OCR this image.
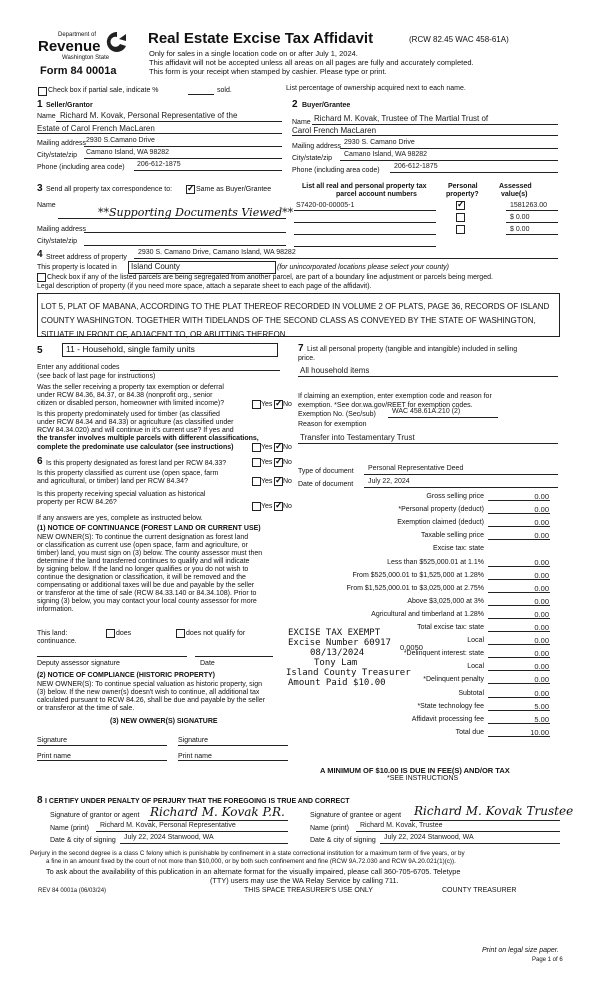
Department of
Revenue
Washington State
Form 84 0001a
Real Estate Excise Tax Affidavit	(RCW 82.45 WAC 458-61A)
Only for sales in a single location code on or after July 1, 2024.
This affidavit will not be accepted unless all areas on all pages are fully and accurately completed.
This form is your receipt when stamped by cashier. Please type or print.
Check box if partial sale, indicate %	sold.	List percentage of ownership acquired next to each name.
1 Seller/Grantor
Name Richard M. Kovak, Personal Representative of the
Estate of Carol French MacLaren
Mailing address 2930 S.Camano Drive
City/state/zip Camano Island, WA 98282
Phone (including area code) 206-612-1875
2 Buyer/Grantee
Name Richard M. Kovak, Trustee of The Martial Trust of
Carol French MacLaren
Mailing address
2930 S. Camano Drive
City/state/zip
Camano Island, WA 98282
Phone (including area code)
206-612-1875
3 Send all property tax correspondence to: ✓	Same as Buyer/Grantee
Name
**Supporting Documents Viewed**
Mailing address
City/state/zip
List all real and personal property tax
parcel account numbers
Personal
property?
Assessed
value(s)
S7420-00-00005-1 ✓	1581263.00
$ 0.00
$ 0.00
4 Street address of property
2930 S. Camano Drive, Camano Island, WA 98282
This property is located in	Island County	(for unincorporated locations please select your county)
Check box if any of the listed parcels are being segregated from another parcel, are part of a boundary line adjustment or parcels being merged.
Legal description of property (if you need more space, attach a separate sheet to each page of the affidavit).
LOT 5, PLAT OF MABANA, ACCORDING TO THE PLAT THEREOF RECORDED IN VOLUME 2 OF PLATS, PAGE 36, RECORDS OF ISLAND COUNTY WASHINGTON. TOGETHER WITH TIDELANDS OF THE SECOND CLASS AS CONVEYED BY THE STATE OF WASHINGTON, SITUATE IN FRONT OF, ADJACENT TO, OR ABUTTING THEREON.
5	11 - Household, single family units
Enter any additional codes
(see back of last page for instructions)
Was the seller receiving a property tax exemption or deferral
under RCW 84.36, 84.37, or 84.38 (nonprofit org., senior
citizen or disabled person, homeowner with limited income)?	Yes ✓ No
Is this property predominately used for timber (as classified
under RCW 84.34 and 84.33) or agriculture (as classified under
RCW 84.34.020) and will continue in it's current use? If yes and
the transfer involves multiple parcels with different classifications,
complete the predominate use calculator (see instructions)	Yes ✓ No
6 Is this property designated as forest land per RCW 84.33?	Yes ✓ No
Is this property classified as current use (open space, farm
and agricultural, or timber) land per RCW 84.34?	Yes ✓ No
Is this property receiving special valuation as historical
property per RCW 84.26?
Yes ✓ No
If any answers are yes, complete as instructed below.
(1) NOTICE OF CONTINUANCE (FOREST LAND OR CURRENT USE)
NEW OWNER(S): To continue the current designation as forest land
or classification as current use (open space, farm and agriculture, or
timber) land, you must sign on (3) below. The county assessor must then
determine if the land transferred continues to qualify and will indicate
by signing below. If the land no longer qualifies or you do not wish to
continue the designation or classification, it will be removed and the
compensating or additional taxes will be due and payable by the seller
or transferor at the time of sale (RCW 84.33.140 or 84.34.108). Prior to
signing (3) below, you may contact your local county assessor for more
information.
This land:	does	does not qualify for
continuance.
Deputy assessor signature	Date
(2) NOTICE OF COMPLIANCE (HISTORIC PROPERTY)
NEW OWNER(S): To continue special valuation as historic property, sign
(3) below. If the new owner(s) doesn't wish to continue, all additional tax
calculated pursuant to RCW 84.26, shall be due and payable by the seller
or transferor at the time of sale.
(3) NEW OWNER(S) SIGNATURE
Signature	Signature
Print name	Print name
7 List all personal property (tangible and intangible) included in selling
price.
All household items
If claiming an exemption, enter exemption code and reason for
exemption. *See dor.wa.gov/REET for exemption codes.
Exemption No. (Sec/sub) WAC 458.61A.210 (2)
Reason for exemption
Transfer into Testamentary Trust
Type of document Personal Representative Deed
Date of document July 22, 2024
Gross selling price	0.00
*Personal property (deduct)	0.00
Exemption claimed (deduct)	0.00
Taxable selling price	0.00
Excise tax: state
Less than $525,000.01 at 1.1%	0.00
From $525,000.01 to $1,525,000 at 1.28%	0.00
From $1,525,000.01 to $3,025,000 at 2.75%	0.00
Above $3,025,000 at 3%	0.00
Agricultural and timberland at 1.28%	0.00
Total excise tax: state	0.00
Local	0.00
*Delinquent interest: state	0.00
Local	0.00
*Delinquent penalty	0.00
Subtotal	0.00
*State technology fee	5.00
Affidavit processing fee	5.00
Total due	10.00
EXCISE TAX EXEMPT
Excise Number 60917
08/13/2024
Tony Lam
Island County Treasurer
Amount Paid $10.00
0.0050
A MINIMUM OF $10.00 IS DUE IN FEE(S) AND/OR TAX
*SEE INSTRUCTIONS
8 I CERTIFY UNDER PENALTY OF PERJURY THAT THE FOREGOING IS TRUE AND CORRECT
Signature of grantor or agent Richard M. Kovak P.R.
Name (print) Richard M. Kovak, Personal Representative
Date & city of signing July 22, 2024 Stanwood, WA
Signature of grantee or agent Richard M. Kovak Trustee
Name (print) Richard M. Kovak, Trustee
Date & city of signing July 22, 2024 Stanwood, WA
Perjury in the second degree is a class C felony which is punishable by confinement in a state correctional institution for a maximum term of five years, or by
a fine in an amount fixed by the court of not more than $10,000, or by both such confinement and fine (RCW 9A.72.030 and RCW 9A.20.021(1)(c)).
To ask about the availability of this publication in an alternate format for the visually impaired, please call 360-705-6705. Teletype
(TTY) users may use the WA Relay Service by calling 711.
REV 84 0001a (06/03/24)	THIS SPACE TREASURER'S USE ONLY	COUNTY TREASURER
Print on legal size paper.
Page 1 of 6
